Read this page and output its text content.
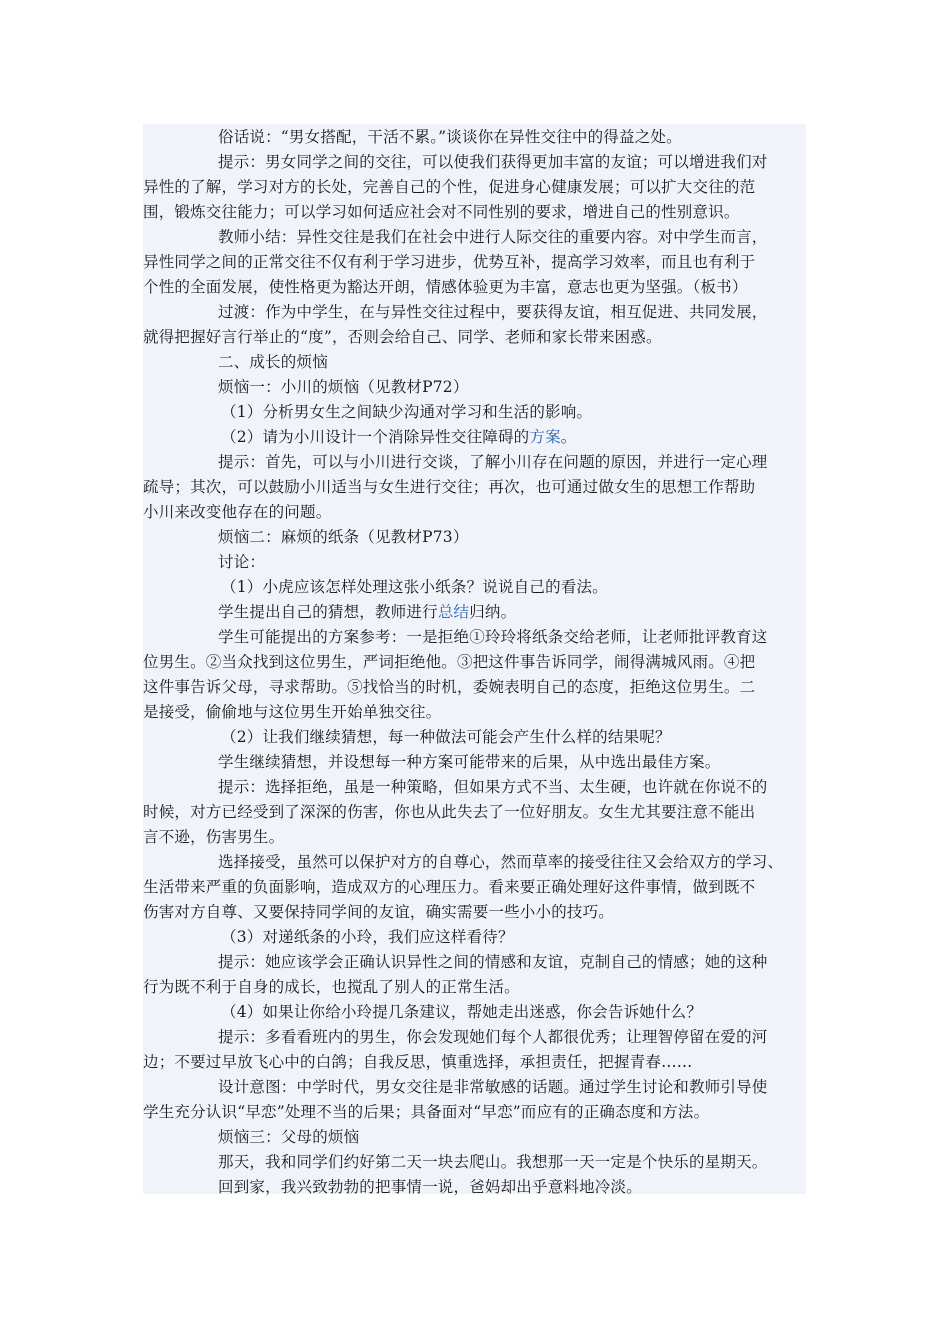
俗话说：“男女搭配，干活不累。”谈谈你在异性交往中的得益之处。
提示：男女同学之间的交往，可以使我们获得更加丰富的友谊；可以增进我们对
异性的了解，学习对方的长处，完善自己的个性，促进身心健康发展；可以扩大交往的范
围，锻炼交往能力；可以学习如何适应社会对不同性别的要求，增进自己的性别意识。
教师小结：异性交往是我们在社会中进行人际交往的重要内容。对中学生而言，
异性同学之间的正常交往不仅有利于学习进步，优势互补，提高学习效率，而且也有利于
个性的全面发展，使性格更为豁达开朗，情感体验更为丰富，意志也更为坚强。（板书）
过渡：作为中学生，在与异性交往过程中，要获得友谊，相互促进、共同发展，
就得把握好言行举止的“度”，否则会给自己、同学、老师和家长带来困惑。
二、成长的烦恼
烦恼一：小川的烦恼（见教材P72）
（1）分析男女生之间缺少沟通对学习和生活的影响。
（2）请为小川设计一个消除异性交往障碍的方案。
提示：首先，可以与小川进行交谈，了解小川存在问题的原因，并进行一定心理
疏导；其次，可以鼓励小川适当与女生进行交往；再次，也可通过做女生的思想工作帮助
小川来改变他存在的问题。
烦恼二：麻烦的纸条（见教材P73）
讨论：
（1）小虎应该怎样处理这张小纸条？说说自己的看法。
学生提出自己的猜想，教师进行总结归纳。
学生可能提出的方案参考：一是拒绝①玲玲将纸条交给老师，让老师批评教育这
位男生。②当众找到这位男生，严词拒绝他。③把这件事告诉同学，闹得满城风雨。④把
这件事告诉父母，寻求帮助。⑤找恰当的时机，委婉表明自己的态度，拒绝这位男生。二
是接受，偷偷地与这位男生开始单独交往。
（2）让我们继续猜想，每一种做法可能会产生什么样的结果呢？
学生继续猜想，并设想每一种方案可能带来的后果，从中选出最佳方案。
提示：选择拒绝，虽是一种策略，但如果方式不当、太生硬，也许就在你说不的
时候，对方已经受到了深深的伤害，你也从此失去了一位好朋友。女生尤其要注意不能出
言不逊，伤害男生。
选择接受，虽然可以保护对方的自尊心，然而草率的接受往往又会给双方的学习、
生活带来严重的负面影响，造成双方的心理压力。看来要正确处理好这件事情，做到既不
伤害对方自尊、又要保持同学间的友谊，确实需要一些小小的技巧。
（3）对递纸条的小玲，我们应这样看待？
提示：她应该学会正确认识异性之间的情感和友谊，克制自己的情感；她的这种
行为既不利于自身的成长，也搅乱了别人的正常生活。
（4）如果让你给小玲提几条建议，帮她走出迷惑，你会告诉她什么？
提示：多看看班内的男生，你会发现她们每个人都很优秀；让理智停留在爱的河
边；不要过早放飞心中的白鸽；自我反思，慎重选择，承担责任，把握青春……
设计意图：中学时代，男女交往是非常敏感的话题。通过学生讨论和教师引导使
学生充分认识“早恋”处理不当的后果；具备面对“早恋”而应有的正确态度和方法。
烦恼三：父母的烦恼
那天，我和同学们约好第二天一块去爬山。我想那一天一定是个快乐的星期天。
回到家，我兴致勃勃的把事情一说，爸妈却出乎意料地冷淡。
